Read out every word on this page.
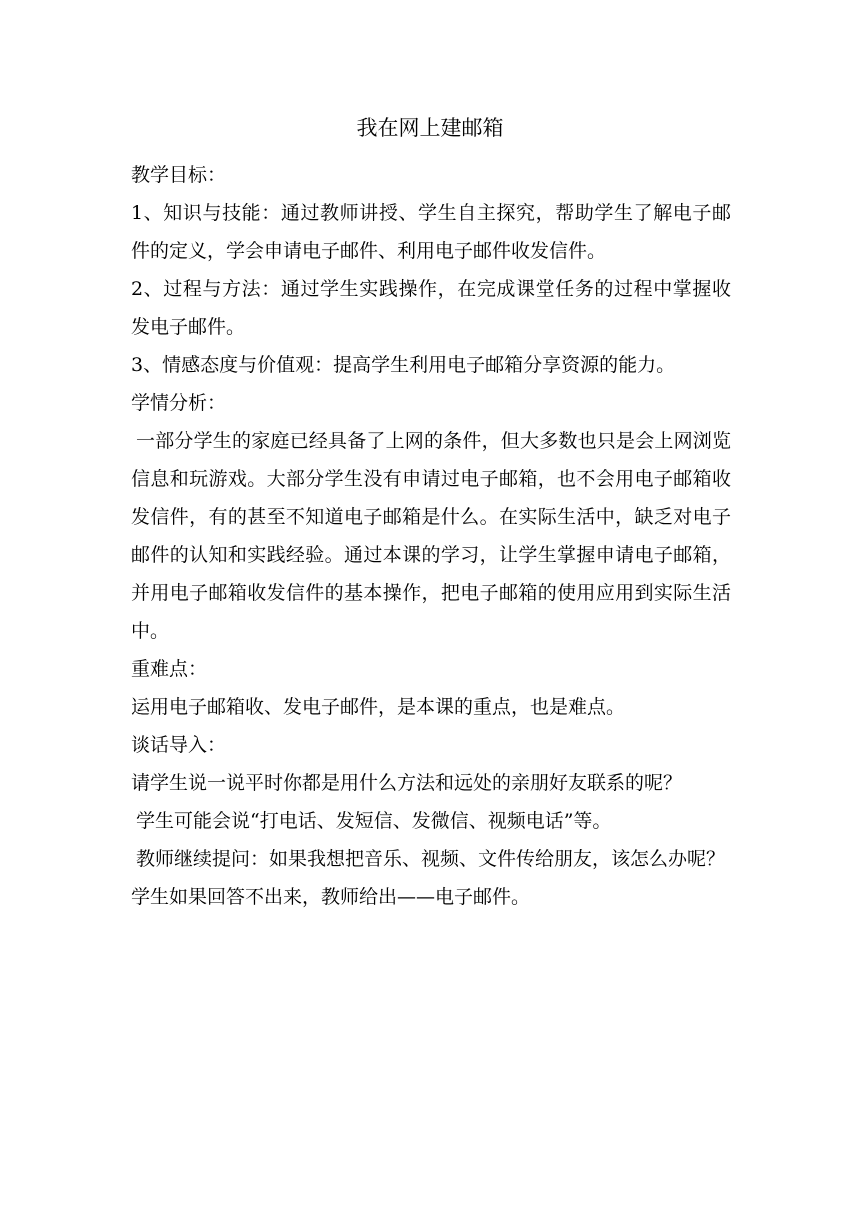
我在网上建邮箱

教学目标：

1、知识与技能：通过教师讲授、学生自主探究，帮助学生了解电子邮件的定义，学会申请电子邮件、利用电子邮件收发信件。

2、过程与方法：通过学生实践操作，在完成课堂任务的过程中掌握收发电子邮件。

3、情感态度与价值观：提高学生利用电子邮箱分享资源的能力。

学情分析：

一部分学生的家庭已经具备了上网的条件，但大多数也只是会上网浏览信息和玩游戏。大部分学生没有申请过电子邮箱，也不会用电子邮箱收发信件，有的甚至不知道电子邮箱是什么。在实际生活中，缺乏对电子邮件的认知和实践经验。通过本课的学习，让学生掌握申请电子邮箱，并用电子邮箱收发信件的基本操作，把电子邮箱的使用应用到实际生活中。

重难点：

运用电子邮箱收、发电子邮件，是本课的重点，也是难点。

谈话导入：

请学生说一说平时你都是用什么方法和远处的亲朋好友联系的呢？

学生可能会说“打电话、发短信、发微信、视频电话”等。

教师继续提问：如果我想把音乐、视频、文件传给朋友，该怎么办呢？

学生如果回答不出来，教师给出——电子邮件。
